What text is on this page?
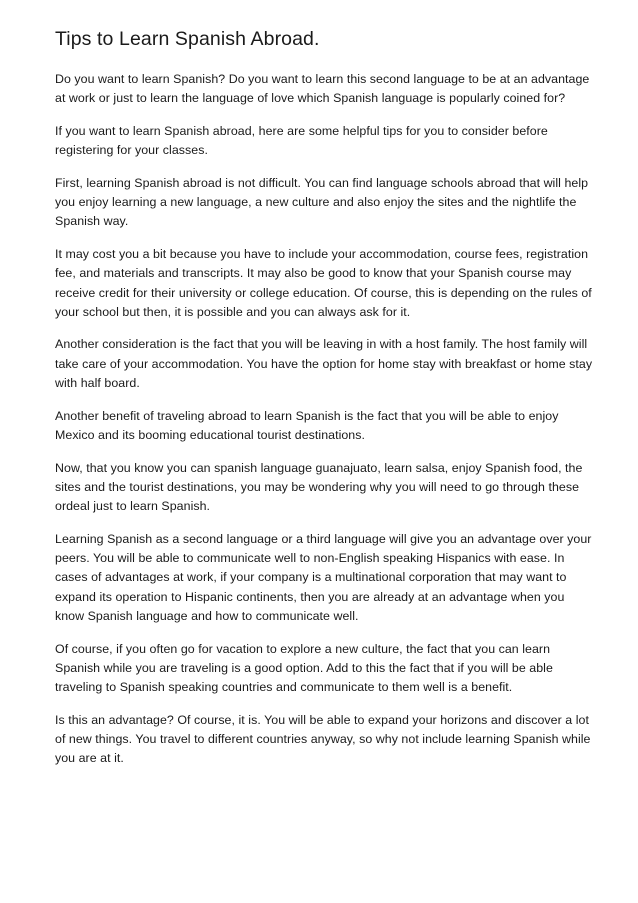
Tips to Learn Spanish Abroad.

Do you want to learn Spanish? Do you want to learn this second language to be at an advantage at work or just to learn the language of love which Spanish language is popularly coined for?

If you want to learn Spanish abroad, here are some helpful tips for you to consider before registering for your classes.

First, learning Spanish abroad is not difficult. You can find language schools abroad that will help you enjoy learning a new language, a new culture and also enjoy the sites and the nightlife the Spanish way.

It may cost you a bit because you have to include your accommodation, course fees, registration fee, and materials and transcripts. It may also be good to know that your Spanish course may receive credit for their university or college education. Of course, this is depending on the rules of your school but then, it is possible and you can always ask for it.

Another consideration is the fact that you will be leaving in with a host family. The host family will take care of your accommodation. You have the option for home stay with breakfast or home stay with half board.

Another benefit of traveling abroad to learn Spanish is the fact that you will be able to enjoy Mexico and its booming educational tourist destinations.

Now, that you know you can spanish language guanajuato, learn salsa, enjoy Spanish food, the sites and the tourist destinations, you may be wondering why you will need to go through these ordeal just to learn Spanish.

Learning Spanish as a second language or a third language will give you an advantage over your peers. You will be able to communicate well to non-English speaking Hispanics with ease. In cases of advantages at work, if your company is a multinational corporation that may want to expand its operation to Hispanic continents, then you are already at an advantage when you know Spanish language and how to communicate well.

Of course, if you often go for vacation to explore a new culture, the fact that you can learn Spanish while you are traveling is a good option. Add to this the fact that if you will be able traveling to Spanish speaking countries and communicate to them well is a benefit.

Is this an advantage? Of course, it is. You will be able to expand your horizons and discover a lot of new things. You travel to different countries anyway, so why not include learning Spanish while you are at it.
